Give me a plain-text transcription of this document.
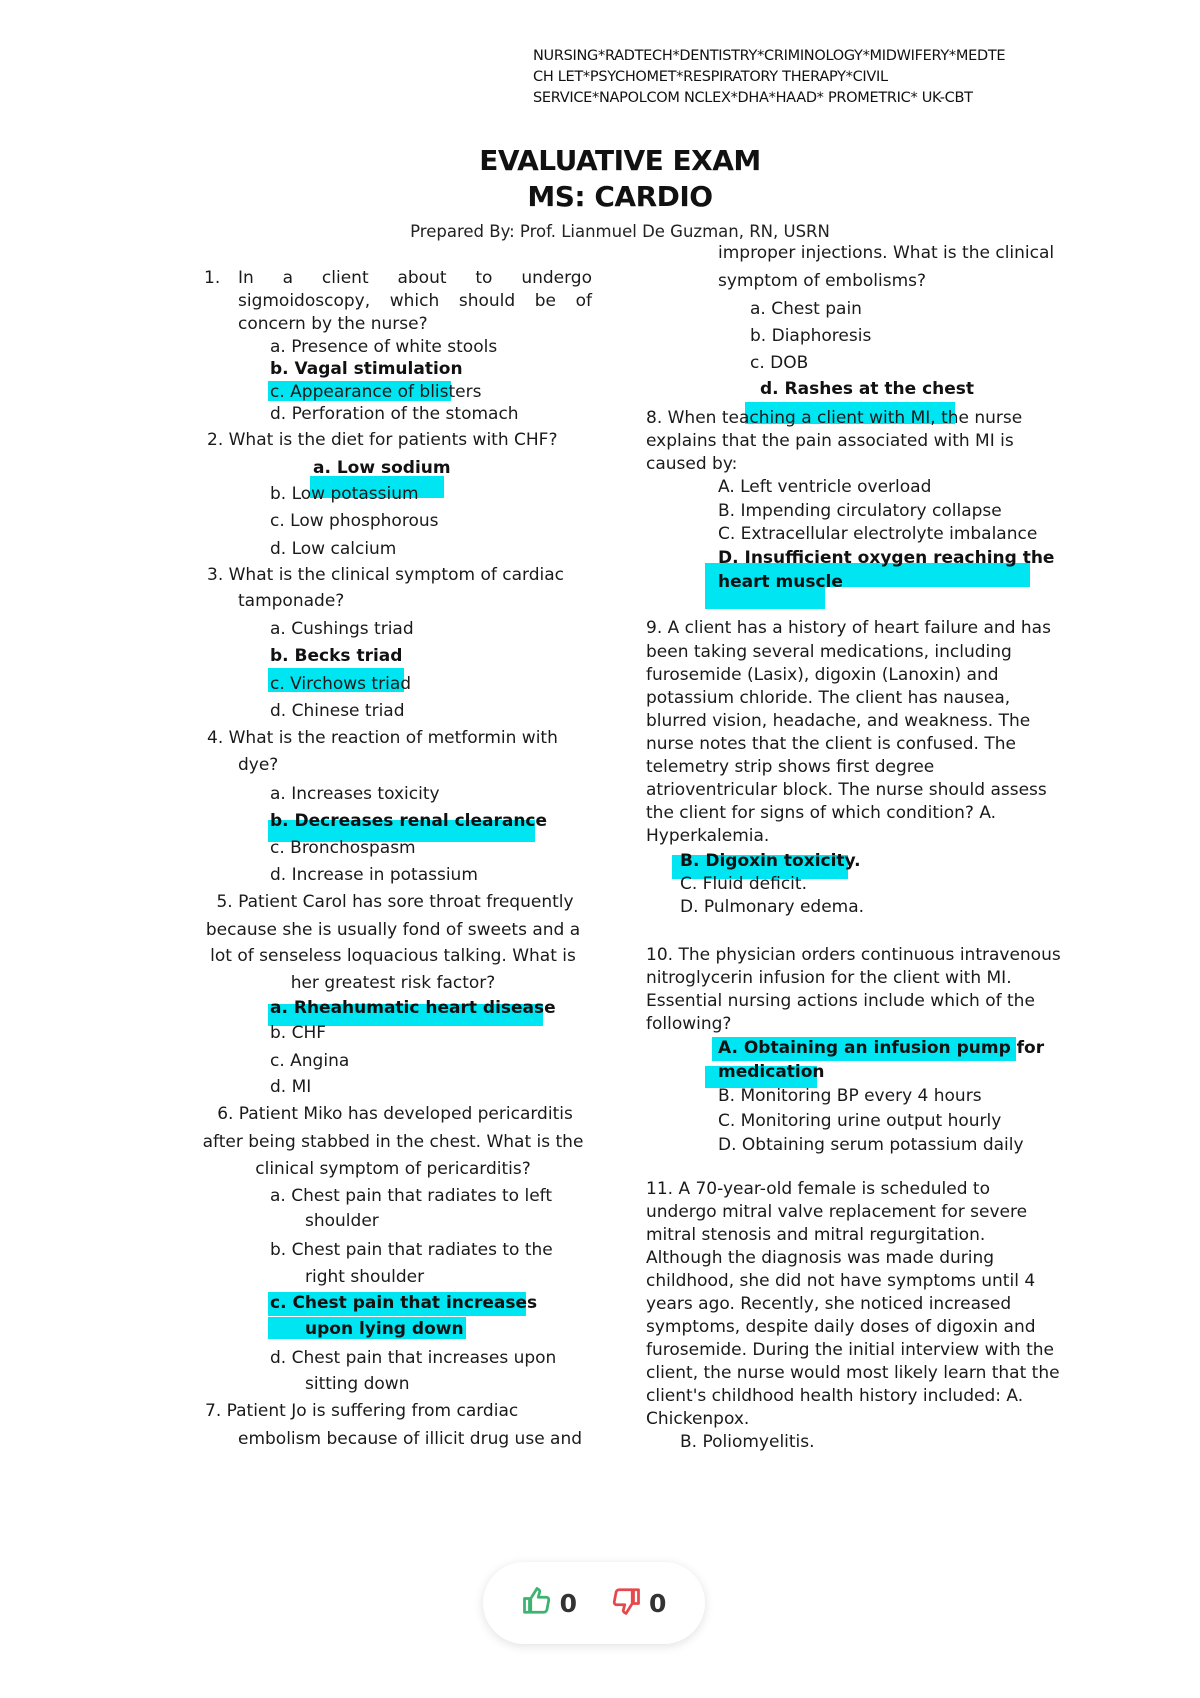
NURSING*RADTECH*DENTISTRY*CRIMINOLOGY*MIDWIFERY*MEDTE
CH LET*PSYCHOMET*RESPIRATORY THERAPY*CIVIL
SERVICE*NAPOLCOM NCLEX*DHA*HAAD* PROMETRIC* UK-CBT
EVALUATIVE EXAM
MS: CARDIO
Prepared By: Prof. Lianmuel De Guzman, RN, USRN
1. In a client about to undergo sigmoidoscopy, which should be of concern by the nurse?
a. Presence of white stools
b. Vagal stimulation
c. Appearance of blisters
d. Perforation of the stomach
2. What is the diet for patients with CHF?
a. Low sodium
b. Low potassium
c. Low phosphorous
d. Low calcium
3. What is the clinical symptom of cardiac
tamponade?
a. Cushings triad
b. Becks triad
c. Virchows triad
d. Chinese triad
4. What is the reaction of metformin with
dye?
a. Increases toxicity
b. Decreases renal clearance
c. Bronchospasm
d. Increase in potassium
5. Patient Carol has sore throat frequently
because she is usually fond of sweets and a
lot of senseless loquacious talking. What is
her greatest risk factor?
a. Rheahumatic heart disease
b. CHF
c. Angina
d. MI
6. Patient Miko has developed pericarditis
after being stabbed in the chest. What is the
clinical symptom of pericarditis?
a. Chest pain that radiates to left
shoulder
b. Chest pain that radiates to the
right shoulder
c. Chest pain that increases
upon lying down
d. Chest pain that increases upon
sitting down
7. Patient Jo is suffering from cardiac
embolism because of illicit drug use and
improper injections. What is the clinical
symptom of embolisms?
a. Chest pain
b. Diaphoresis
c. DOB
d. Rashes at the chest
8. When teaching a client with MI, the nurse
explains that the pain associated with MI is
caused by:
A. Left ventricle overload
B. Impending circulatory collapse
C. Extracellular electrolyte imbalance
D. Insufficient oxygen reaching the
heart muscle
9. A client has a history of heart failure and has
been taking several medications, including
furosemide (Lasix), digoxin (Lanoxin) and
potassium chloride. The client has nausea,
blurred vision, headache, and weakness. The
nurse notes that the client is confused. The
telemetry strip shows first degree
atrioventricular block. The nurse should assess
the client for signs of which condition? A.
Hyperkalemia.
B. Digoxin toxicity.
C. Fluid deficit.
D. Pulmonary edema.
10. The physician orders continuous intravenous
nitroglycerin infusion for the client with MI.
Essential nursing actions include which of the
following?
A. Obtaining an infusion pump for
medication
B. Monitoring BP every 4 hours
C. Monitoring urine output hourly
D. Obtaining serum potassium daily
11. A 70-year-old female is scheduled to
undergo mitral valve replacement for severe
mitral stenosis and mitral regurgitation.
Although the diagnosis was made during
childhood, she did not have symptoms until 4
years ago. Recently, she noticed increased
symptoms, despite daily doses of digoxin and
furosemide. During the initial interview with the
client, the nurse would most likely learn that the
client's childhood health history included: A.
Chickenpox.
B. Poliomyelitis.
0	0
